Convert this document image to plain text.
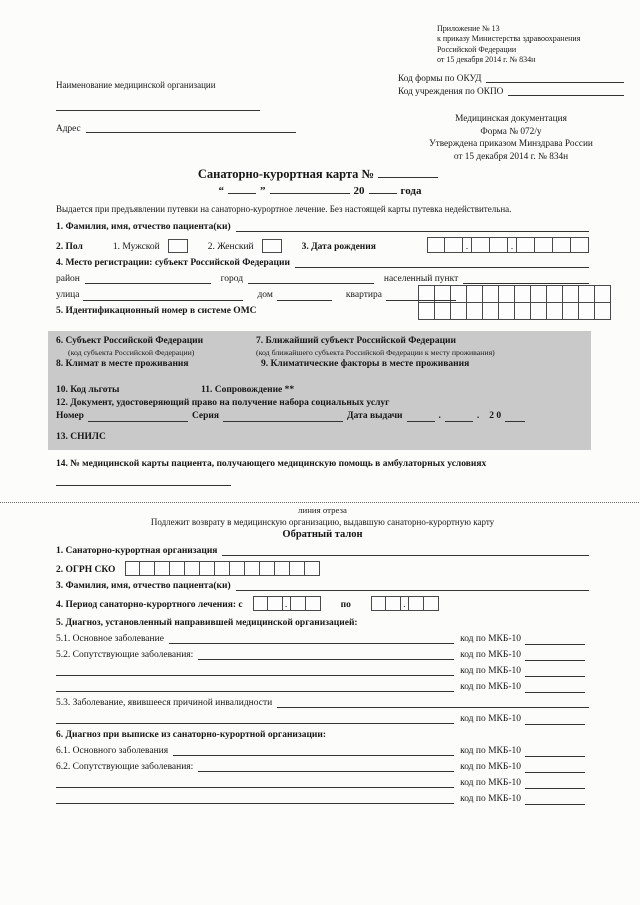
Приложение № 13
к приказу Министерства здравоохранения
Российской Федерации
от 15 декабря 2014 г. № 834н
Код формы по ОКУД
Код учреждения по ОКПО
Наименование медицинской организации
Адрес
Медицинская документация
Форма № 072/у
Утверждена приказом Минздрава России
от 15 декабря 2014 г. № 834н
Санаторно-курортная карта №
“	”	20	года
Выдается при предъявлении путевки на санаторно-курортное лечение. Без настоящей карты путевка недействительна.
1. Фамилия, имя, отчество пациента(ки)
2. Пол	1. Мужской	2. Женский	3. Дата рождения	.	.
4. Место регистрации: субъект Российской Федерации
район	город	населенный пункт
улица	дом	квартира
5. Идентификационный номер в системе ОМС
6. Субъект Российской Федерации	7. Ближайший субъект Российской Федерации
(код субъекта Российской Федерации)	(код ближайшего субъекта Российской Федерации к месту проживания)
8. Климат в месте проживания	9. Климатические факторы в месте проживания
10. Код льготы	11. Сопровождение **
12. Документ, удостоверяющий право на получение набора социальных услуг
Номер	Серия	Дата выдачи	.	. 2 0
13. СНИЛС
14. № медицинской карты пациента, получающего медицинскую помощь в амбулаторных условиях
линия отреза
Подлежит возврату в медицинскую организацию, выдавшую санаторно-курортную карту
Обратный талон
1. Санаторно-курортная организация
2. ОГРН СКО
3. Фамилия, имя, отчество пациента(ки)
4. Период санаторно-курортного лечения: с	.	по	.
5. Диагноз, установленный направившей медицинской организацией:
5.1. Основное заболевание	код по МКБ-10
5.2. Сопутствующие заболевания:	код по МКБ-10
код по МКБ-10
код по МКБ-10
5.3. Заболевание, явившееся причиной инвалидности
код по МКБ-10
6. Диагноз при выписке из санаторно-курортной организации:
6.1. Основного заболевания	код по МКБ-10
6.2. Сопутствующие заболевания:	код по МКБ-10
код по МКБ-10
код по МКБ-10
